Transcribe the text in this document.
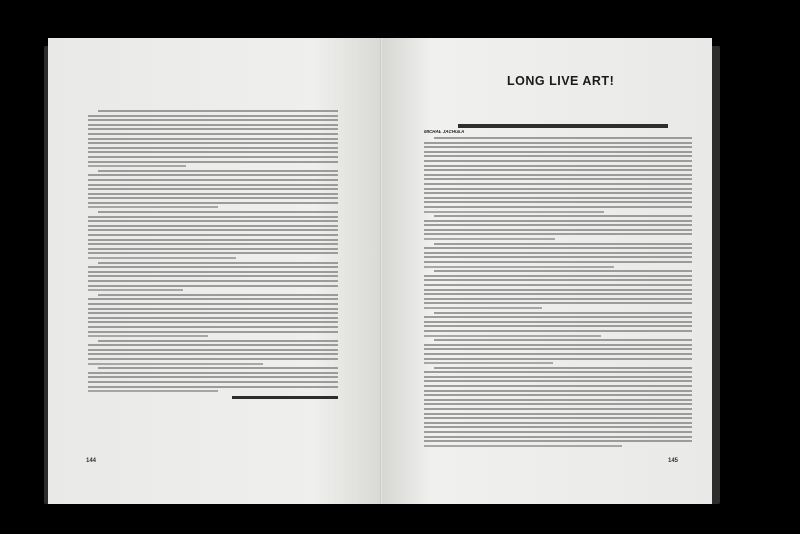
144
LONG LIVE ART!
MICHAŁ JACHUŁA
145
